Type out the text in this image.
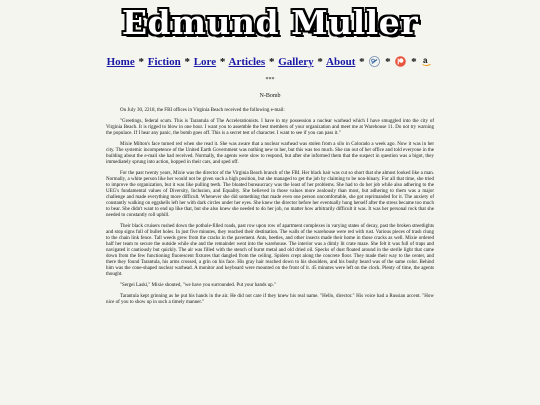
Edmund Muller
Home * Fiction * Lore * Articles * Gallery * About * * * a
***
N-Bomb

On July 30, 2218, the FBI offices in Virginia Beach received the following e-mail:

"Greetings, federal scum. This is Tarantula of The Accelerationists. I have in my possession a nuclear warhead which I have smuggled into the city of Virginia Beach. It is rigged to blow in one hour. I want you to assemble the best members of your organization and meet me at Warehouse 11. Do not try warning the populace. If I hear any panic, the bomb goes off. This is a secret test of character. I want to see if you can pass it."

Mixie Milton's face turned red when she read it. She was aware that a nuclear warhead was stolen from a silo in Colorado a week ago. Now it was in her city. The systemic incompetence of the United Earth Government was nothing new to her, but this was too much. She ran out of her office and told everyone in the building about the e-mail she had received. Normally, the agents were slow to respond, but after she informed them that the suspect in question was a bigot, they immediately sprung into action, hopped in their cars, and sped off.

For the past twenty years, Mixie was the director of the Virginia Beach branch of the FBI. Her black hair was cut so short that she almost looked like a man. Normally, a white person like her would not be given such a high position, but she managed to get the job by claiming to be non-binary. For all that time, she tried to improve the organization, but it was like pulling teeth. The bloated bureaucracy was the least of her problems. She had to do her job while also adhering to the UEG's fundamental values of Diversity, Inclusion, and Equality. She believed in those values more zealously than most, but adhering to them was a major challenge and made everything more difficult. Whenever she did something that made even one person uncomfortable, she got reprimanded for it. The anxiety of constantly walking on eggshells left her with dark circles under her eyes. She knew the director before her eventually hung herself after the stress became too much to bear. She didn't want to end up like that, but she also knew she needed to do her job, no matter how arbitrarily difficult it was. It was her personal rock that she needed to constantly roll uphill.

Their black cruisers rushed down the pothole-filled roads, past row upon row of apartment complexes in varying states of decay, past the broken streetlights and stop signs full of bullet holes. In just five minutes, they reached their destination. The walls of the warehouse were red with rust. Various pieces of trash clung to the chain link fence. Tall weeds grew from the cracks in the pavement. Ants, beetles, and other insects made their home in those cracks as well. Mixie ordered half her team to secure the outside while she and the remainder went into the warehouse. The interior was a dimly lit crate maze. She felt it was full of traps and navigated it cautiously but quickly. The air was filled with the stench of burnt metal and old dried oil. Specks of dust floated around in the sterile light that came down from the few functioning fluorescent fixtures that dangled from the ceiling. Spiders crept along the concrete floor. They made their way to the center, and there they found Tarantula, his arms crossed, a grin on his face. His gray hair reached down to his shoulders, and his bushy beard was of the same color. Behind him was the cone-shaped nuclear warhead. A monitor and keyboard were mounted on the front of it. 45 minutes were left on the clock. Plenty of time, the agents thought.

"Sergei Laski," Mixie shouted, "we have you surrounded. Put your hands up."

Tarantula kept grinning as he put his hands in the air. He did not care if they knew his real name. "Hello, director." His voice had a Russian accent. "How nice of you to show up in such a timely manner."
